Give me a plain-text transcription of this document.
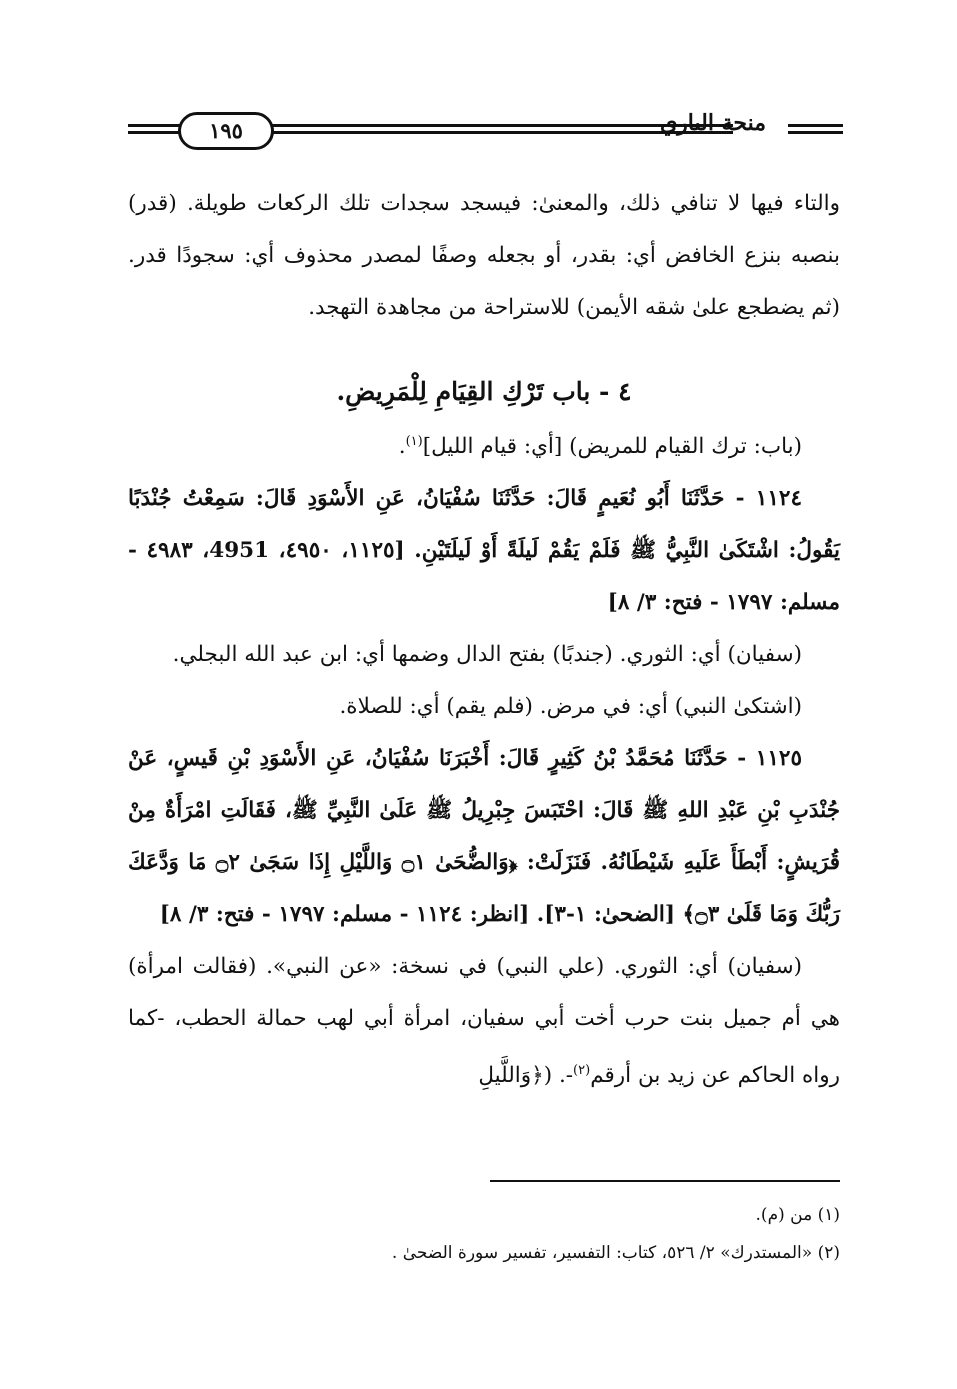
١٩٥	منحة الباري

والتاء فيها لا تنافي ذلك، والمعنىٰ: فيسجد سجدات تلك الركعات طويلة. (قدر) بنصبه بنزع الخافض أي: بقدر، أو بجعله وصفًا لمصدر محذوف أي: سجودًا قدر. (ثم يضطجع علىٰ شقه الأيمن) للاستراحة من مجاهدة التهجد.

٤ - باب تَرْكِ القِيَامِ لِلْمَرِيضِ.

(باب: ترك القيام للمريض) [أي: قيام الليل]$^{(١)}$.

١١٢٤ - حَدَّثَنَا أَبُو نُعَيمٍ قَالَ: حَدَّثَنَا سُفْيَانُ، عَنِ الأَسْوَدِ قَالَ: سَمِعْتُ جُنْدَبًا يَقُولُ: اشْتَكَىٰ النَّبِيُّ ﷺ فَلَمْ يَقُمْ لَيلَةً أَوْ لَيلَتَيْنِ. [١١٢٥، ٤٩٥٠، 4951، ٤٩٨٣ - مسلم: ١٧٩٧ - فتح: ٣/ ٨]

(سفيان) أي: الثوري. (جندبًا) بفتح الدال وضمها أي: ابن عبد الله البجلي.

(اشتكىٰ النبي) أي: في مرض. (فلم يقم) أي: للصلاة.

١١٢٥ - حَدَّثَنَا مُحَمَّدُ بْنُ كَثِيرٍ قَالَ: أَخْبَرَنَا سُفْيَانُ، عَنِ الأَسْوَدِ بْنِ قَيسٍ، عَنْ جُنْدَبِ بْنِ عَبْدِ اللهِ ﷺ قَالَ: احْتَبَسَ جِبْرِيلُ ﷺ عَلَىٰ النَّبِيِّ ﷺ، فَقَالَتِ امْرَأَةٌ مِنْ قُرَيشٍ: أَبْطَأَ عَلَيهِ شَيْطَانُهُ. فَنَزَلَتْ: ﴿وَالضُّحَىٰ ۝١ وَاللَّيْلِ إِذَا سَجَىٰ ۝٢ مَا وَدَّعَكَ رَبُّكَ وَمَا قَلَىٰ ۝٣﴾ [الضحىٰ: ١-٣]. [انظر: ١١٢٤ - مسلم: ١٧٩٧ - فتح: ٣/ ٨]

(سفيان) أي: الثوري. (علي النبي) في نسخة: «عن النبي». (فقالت امرأة) هي أم جميل بنت حرب أخت أبي سفيان، امرأة أبي لهب حمالة الحطب، -كما رواه الحاكم عن زيد بن أرقم$^{(٢)}$-. (﴿وَاللَّيلِ

(١) من (م).

(٢) «المستدرك» ٢/ ٥٢٦، كتاب: التفسير، تفسير سورة الضحىٰ .
